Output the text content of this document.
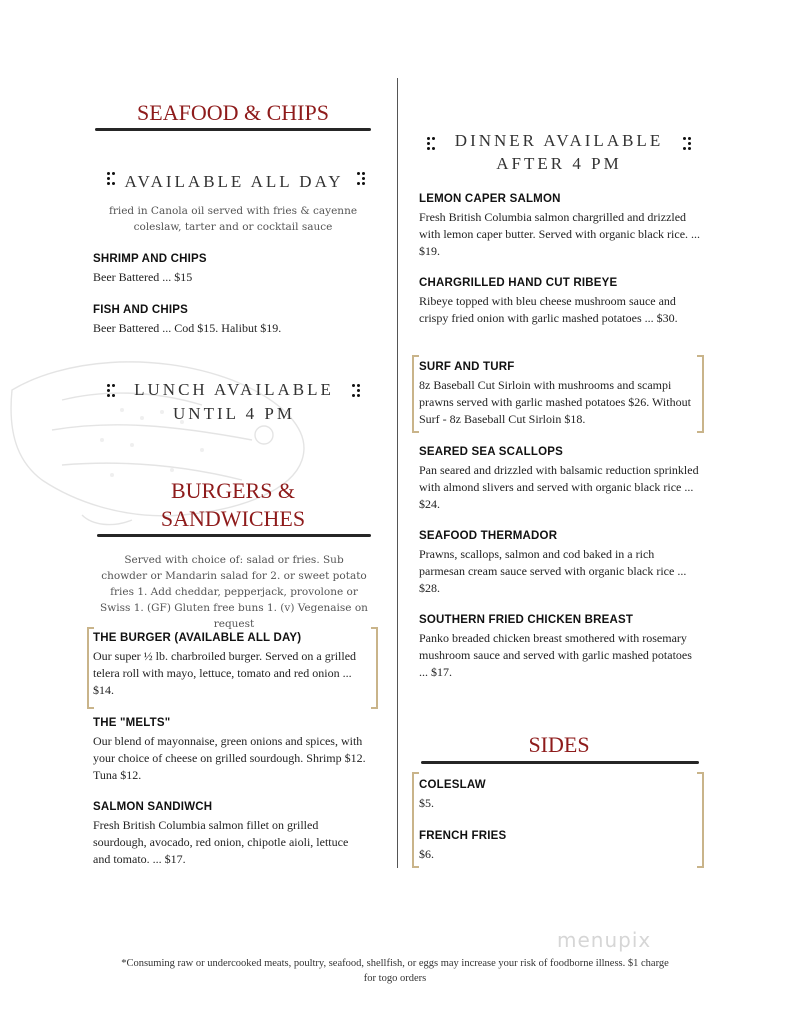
SEAFOOD & CHIPS
AVAILABLE ALL DAY
fried in Canola oil served with fries & cayenne coleslaw, tarter and or cocktail sauce
SHRIMP AND CHIPS
Beer Battered ... $15
FISH AND CHIPS
Beer Battered ... Cod $15. Halibut $19.
LUNCH AVAILABLE
UNTIL 4 PM
BURGERS &
SANDWICHES
Served with choice of: salad or fries. Sub chowder or Mandarin salad for 2. or sweet potato fries 1. Add cheddar, pepperjack, provolone or Swiss 1. (GF) Gluten free buns 1. (v) Vegenaise on request
THE BURGER (AVAILABLE ALL DAY)
Our super ½ lb. charbroiled burger. Served on a grilled telera roll with mayo, lettuce, tomato and red onion ... $14.
THE "MELTS"
Our blend of mayonnaise, green onions and spices, with your choice of cheese on grilled sourdough. Shrimp $12. Tuna $12.
SALMON SANDIWCH
Fresh British Columbia salmon fillet on grilled sourdough, avocado, red onion, chipotle aioli, lettuce and tomato. ... $17.
DINNER AVAILABLE
AFTER 4 PM
LEMON CAPER SALMON
Fresh British Columbia salmon chargrilled and drizzled with lemon caper butter. Served with organic black rice. ... $19.
CHARGRILLED HAND CUT RIBEYE
Ribeye topped with bleu cheese mushroom sauce and crispy fried onion with garlic mashed potatoes ... $30.
SURF AND TURF
8z Baseball Cut Sirloin with mushrooms and scampi prawns served with garlic mashed potatoes $26. Without Surf - 8z Baseball Cut Sirloin $18.
SEARED SEA SCALLOPS
Pan seared and drizzled with balsamic reduction sprinkled with almond slivers and served with organic black rice ... $24.
SEAFOOD THERMADOR
Prawns, scallops, salmon and cod baked in a rich parmesan cream sauce served with organic black rice ... $28.
SOUTHERN FRIED CHICKEN BREAST
Panko breaded chicken breast smothered with rosemary mushroom sauce and served with garlic mashed potatoes ... $17.
SIDES
COLESLAW
$5.
FRENCH FRIES
$6.
menupix
*Consuming raw or undercooked meats, poultry, seafood, shellfish, or eggs may increase your risk of foodborne illness. $1 charge for togo orders
